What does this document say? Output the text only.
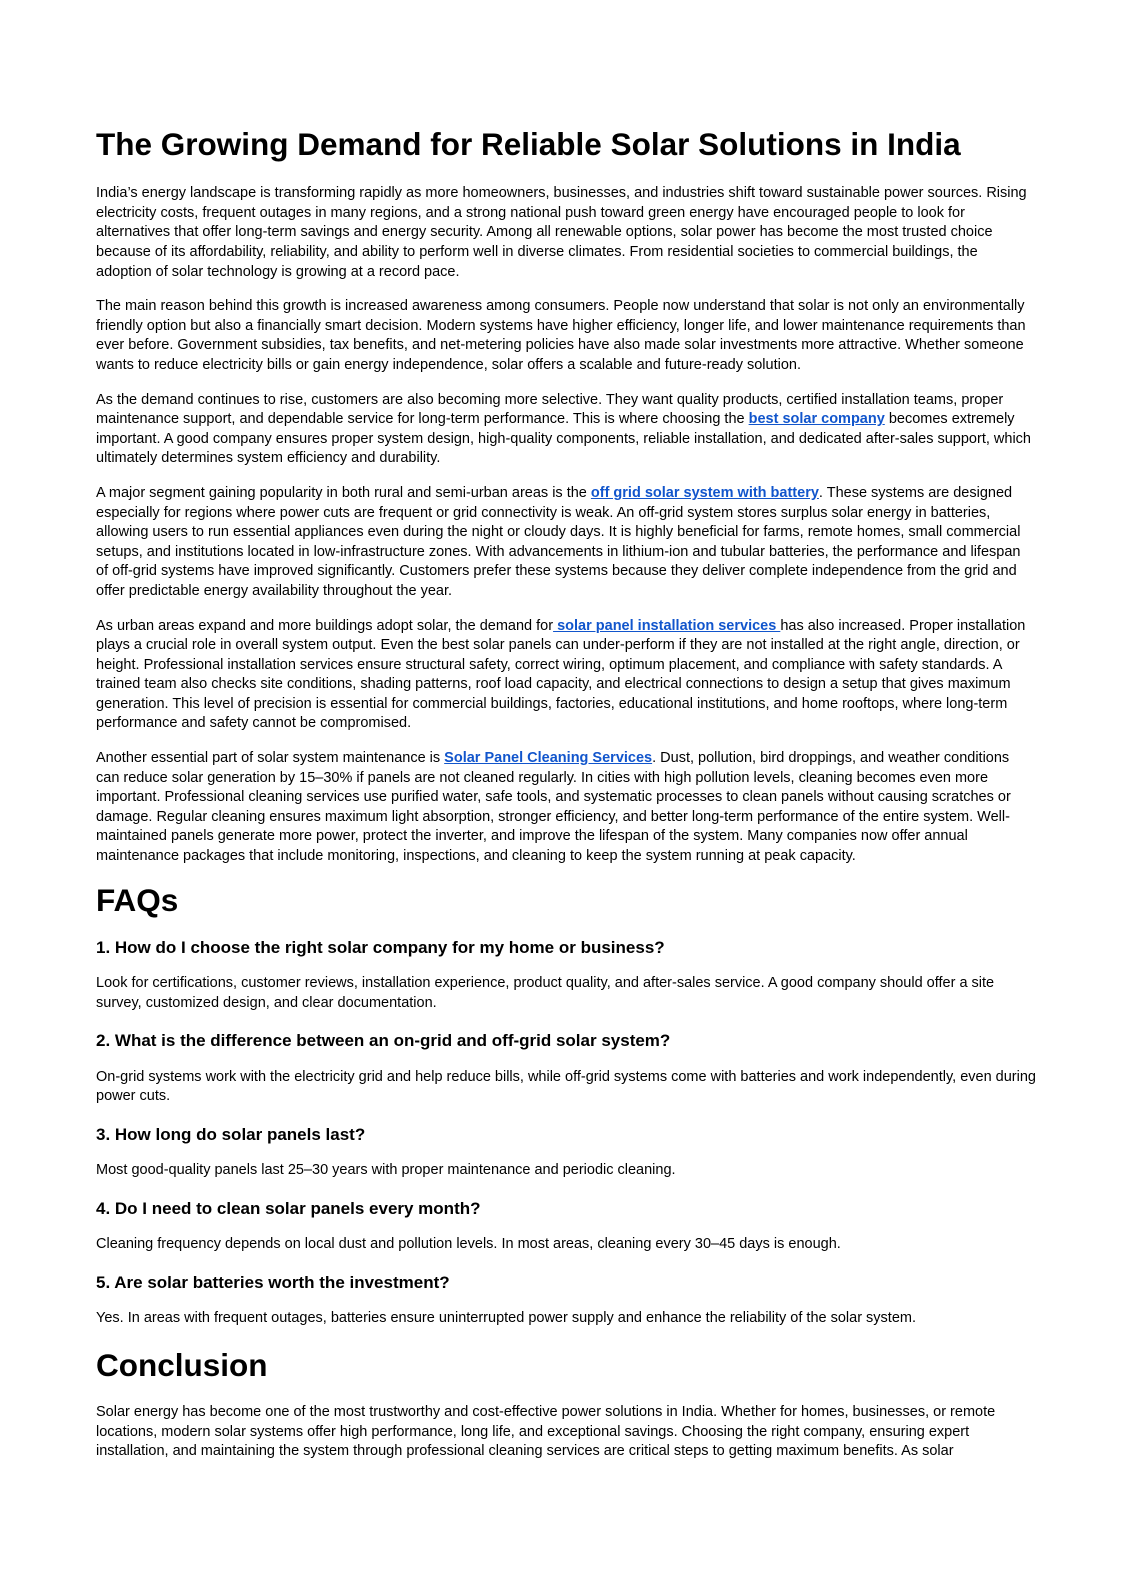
The Growing Demand for Reliable Solar Solutions in India

India’s energy landscape is transforming rapidly as more homeowners, businesses, and industries shift toward sustainable power sources. Rising electricity costs, frequent outages in many regions, and a strong national push toward green energy have encouraged people to look for alternatives that offer long-term savings and energy security. Among all renewable options, solar power has become the most trusted choice because of its affordability, reliability, and ability to perform well in diverse climates. From residential societies to commercial buildings, the adoption of solar technology is growing at a record pace.

The main reason behind this growth is increased awareness among consumers. People now understand that solar is not only an environmentally friendly option but also a financially smart decision. Modern systems have higher efficiency, longer life, and lower maintenance requirements than ever before. Government subsidies, tax benefits, and net-metering policies have also made solar investments more attractive. Whether someone wants to reduce electricity bills or gain energy independence, solar offers a scalable and future-ready solution.

As the demand continues to rise, customers are also becoming more selective. They want quality products, certified installation teams, proper maintenance support, and dependable service for long-term performance. This is where choosing the best solar company becomes extremely important. A good company ensures proper system design, high-quality components, reliable installation, and dedicated after-sales support, which ultimately determines system efficiency and durability.

A major segment gaining popularity in both rural and semi-urban areas is the off grid solar system with battery. These systems are designed especially for regions where power cuts are frequent or grid connectivity is weak. An off-grid system stores surplus solar energy in batteries, allowing users to run essential appliances even during the night or cloudy days. It is highly beneficial for farms, remote homes, small commercial setups, and institutions located in low-infrastructure zones. With advancements in lithium-ion and tubular batteries, the performance and lifespan of off-grid systems have improved significantly. Customers prefer these systems because they deliver complete independence from the grid and offer predictable energy availability throughout the year.

As urban areas expand and more buildings adopt solar, the demand for solar panel installation services has also increased. Proper installation plays a crucial role in overall system output. Even the best solar panels can under-perform if they are not installed at the right angle, direction, or height. Professional installation services ensure structural safety, correct wiring, optimum placement, and compliance with safety standards. A trained team also checks site conditions, shading patterns, roof load capacity, and electrical connections to design a setup that gives maximum generation. This level of precision is essential for commercial buildings, factories, educational institutions, and home rooftops, where long-term performance and safety cannot be compromised.

Another essential part of solar system maintenance is Solar Panel Cleaning Services. Dust, pollution, bird droppings, and weather conditions can reduce solar generation by 15–30% if panels are not cleaned regularly. In cities with high pollution levels, cleaning becomes even more important. Professional cleaning services use purified water, safe tools, and systematic processes to clean panels without causing scratches or damage. Regular cleaning ensures maximum light absorption, stronger efficiency, and better long-term performance of the entire system. Well-maintained panels generate more power, protect the inverter, and improve the lifespan of the system. Many companies now offer annual maintenance packages that include monitoring, inspections, and cleaning to keep the system running at peak capacity.

FAQs
1. How do I choose the right solar company for my home or business?

Look for certifications, customer reviews, installation experience, product quality, and after-sales service. A good company should offer a site survey, customized design, and clear documentation.

2. What is the difference between an on-grid and off-grid solar system?

On-grid systems work with the electricity grid and help reduce bills, while off-grid systems come with batteries and work independently, even during power cuts.

3. How long do solar panels last?

Most good-quality panels last 25–30 years with proper maintenance and periodic cleaning.

4. Do I need to clean solar panels every month?

Cleaning frequency depends on local dust and pollution levels. In most areas, cleaning every 30–45 days is enough.

5. Are solar batteries worth the investment?

Yes. In areas with frequent outages, batteries ensure uninterrupted power supply and enhance the reliability of the solar system.

Conclusion

Solar energy has become one of the most trustworthy and cost-effective power solutions in India. Whether for homes, businesses, or remote locations, modern solar systems offer high performance, long life, and exceptional savings. Choosing the right company, ensuring expert installation, and maintaining the system through professional cleaning services are critical steps to getting maximum benefits. As solar
